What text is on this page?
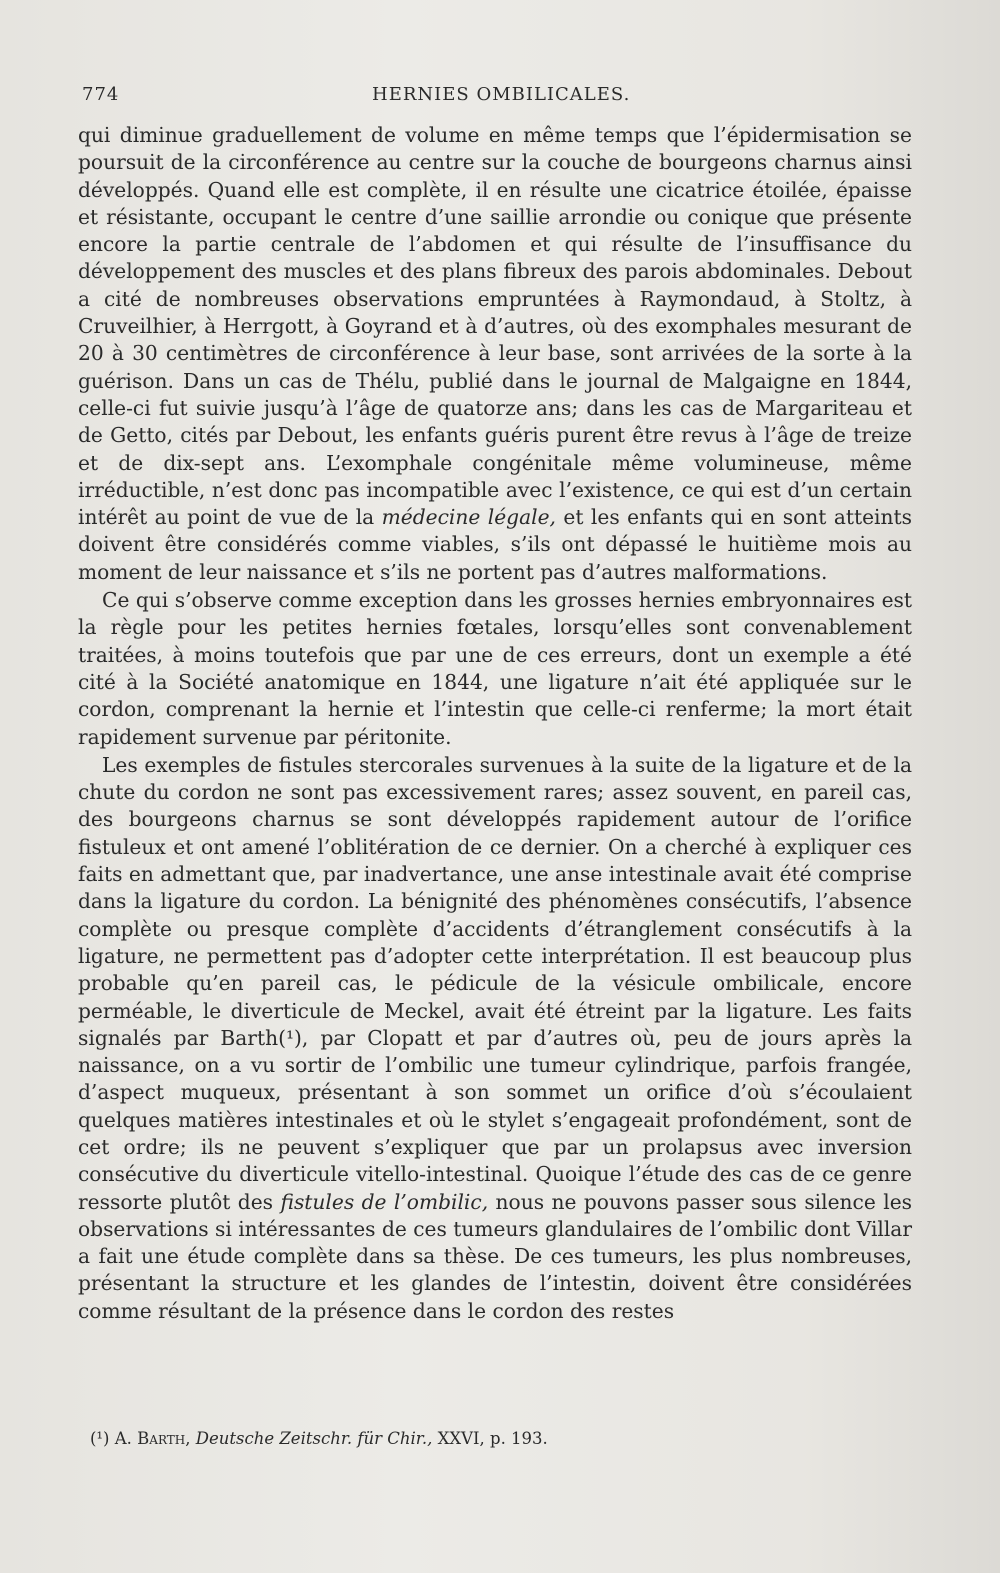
774	HERNIES OMBILICALES.

qui diminue graduellement de volume en même temps que l’épidermisation se poursuit de la circonférence au centre sur la couche de bourgeons charnus ainsi développés. Quand elle est complète, il en résulte une cicatrice étoilée, épaisse et résistante, occupant le centre d’une saillie arrondie ou conique que présente encore la partie centrale de l’abdomen et qui résulte de l’insuffisance du développement des muscles et des plans fibreux des parois abdominales. Debout a cité de nombreuses observations empruntées à Raymondaud, à Stoltz, à Cruveilhier, à Herrgott, à Goyrand et à d’autres, où des exomphales mesurant de 20 à 30 centimètres de circonférence à leur base, sont arrivées de la sorte à la guérison. Dans un cas de Thélu, publié dans le journal de Malgaigne en 1844, celle-ci fut suivie jusqu’à l’âge de quatorze ans; dans les cas de Margariteau et de Getto, cités par Debout, les enfants guéris purent être revus à l’âge de treize et de dix-sept ans. L’exomphale congénitale même volumineuse, même irréductible, n’est donc pas incompatible avec l’existence, ce qui est d’un certain intérêt au point de vue de la médecine légale, et les enfants qui en sont atteints doivent être considérés comme viables, s’ils ont dépassé le huitième mois au moment de leur naissance et s’ils ne portent pas d’autres malformations.

Ce qui s’observe comme exception dans les grosses hernies embryonnaires est la règle pour les petites hernies fœtales, lorsqu’elles sont convenablement traitées, à moins toutefois que par une de ces erreurs, dont un exemple a été cité à la Société anatomique en 1844, une ligature n’ait été appliquée sur le cordon, comprenant la hernie et l’intestin que celle-ci renferme; la mort était rapidement survenue par péritonite.

Les exemples de fistules stercorales survenues à la suite de la ligature et de la chute du cordon ne sont pas excessivement rares; assez souvent, en pareil cas, des bourgeons charnus se sont développés rapidement autour de l’orifice fistuleux et ont amené l’oblitération de ce dernier. On a cherché à expliquer ces faits en admettant que, par inadvertance, une anse intestinale avait été comprise dans la ligature du cordon. La bénignité des phénomènes consécutifs, l’absence complète ou presque complète d’accidents d’étranglement consécutifs à la ligature, ne permettent pas d’adopter cette interprétation. Il est beaucoup plus probable qu’en pareil cas, le pédicule de la vésicule ombilicale, encore perméable, le diverticule de Meckel, avait été étreint par la ligature. Les faits signalés par Barth(¹), par Clopatt et par d’autres où, peu de jours après la naissance, on a vu sortir de l’ombilic une tumeur cylindrique, parfois frangée, d’aspect muqueux, présentant à son sommet un orifice d’où s’écoulaient quelques matières intestinales et où le stylet s’engageait profondément, sont de cet ordre; ils ne peuvent s’expliquer que par un prolapsus avec inversion consécutive du diverticule vitello-intestinal. Quoique l’étude des cas de ce genre ressorte plutôt des fistules de l’ombilic, nous ne pouvons passer sous silence les observations si intéressantes de ces tumeurs glandulaires de l’ombilic dont Villar a fait une étude complète dans sa thèse. De ces tumeurs, les plus nombreuses, présentant la structure et les glandes de l’intestin, doivent être considérées comme résultant de la présence dans le cordon des restes

(¹) A. Barth, Deutsche Zeitschr. für Chir., XXVI, p. 193.
